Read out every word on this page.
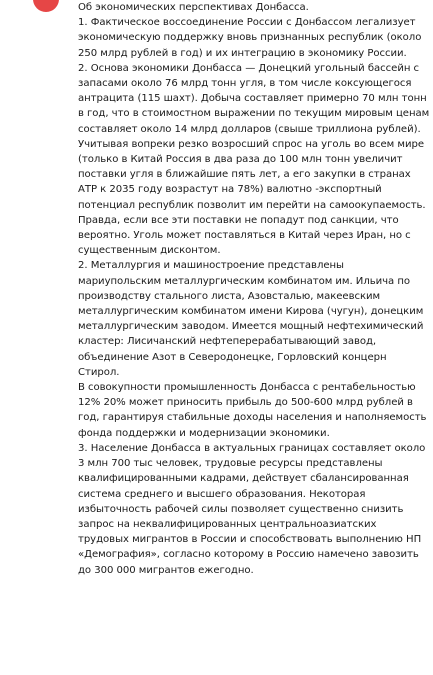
Об экономических перспективах Донбасса.

1. Фактическое воссоединение России с Донбассом легализует экономическую поддержку вновь признанных республик (около 250 млрд рублей в год) и их интеграцию в экономику России.

2. Основа экономики Донбасса — Донецкий угольный бассейн с запасами около 76 млрд тонн угля, в том числе коксующегося антрацита (115 шахт). Добыча составляет примерно 70 млн тонн в год, что в стоимостном выражении по текущим мировым ценам составляет около 14 млрд долларов (свыше триллиона рублей). Учитывая вопреки резко возросший спрос на уголь во всем мире (только в Китай Россия в два раза до 100 млн тонн увеличит поставки угля в ближайшие пять лет, а его закупки в странах АТР к 2035 году возрастут на 78%) валютно -экспортный потенциал республик позволит им перейти на самоокупаемость. Правда, если все эти поставки не попадут под санкции, что вероятно. Уголь может поставляться в Китай через Иран, но с существенным дисконтом.

2. Металлургия и машиностроение представлены мариупольским металлургическим комбинатом им. Ильича по производству стального листа, Азовсталью, макеевским металлургическим комбинатом имени Кирова (чугун), донецким металлургическим заводом. Имеется мощный нефтехимический кластер: Лисичанский нефтеперерабатывающий завод, объединение Азот в Северодонецке, Горловский концерн Стирол.

В совокупности промышленность Донбасса с рентабельностью 12% 20% может приносить прибыль до 500-600 млрд рублей в год, гарантируя стабильные доходы населения и наполняемость фонда поддержки и модернизации экономики.

3. Население Донбасса в актуальных границах составляет около 3 млн 700 тыс человек, трудовые ресурсы представлены квалифицированными кадрами, действует сбалансированная система среднего и высшего образования. Некоторая избыточность рабочей силы позволяет существенно снизить запрос на неквалифицированных центральноазиатских трудовых мигрантов в России и способствовать выполнению НП «Демография», согласно которому в Россию намечено завозить до 300 000 мигрантов ежегодно.
